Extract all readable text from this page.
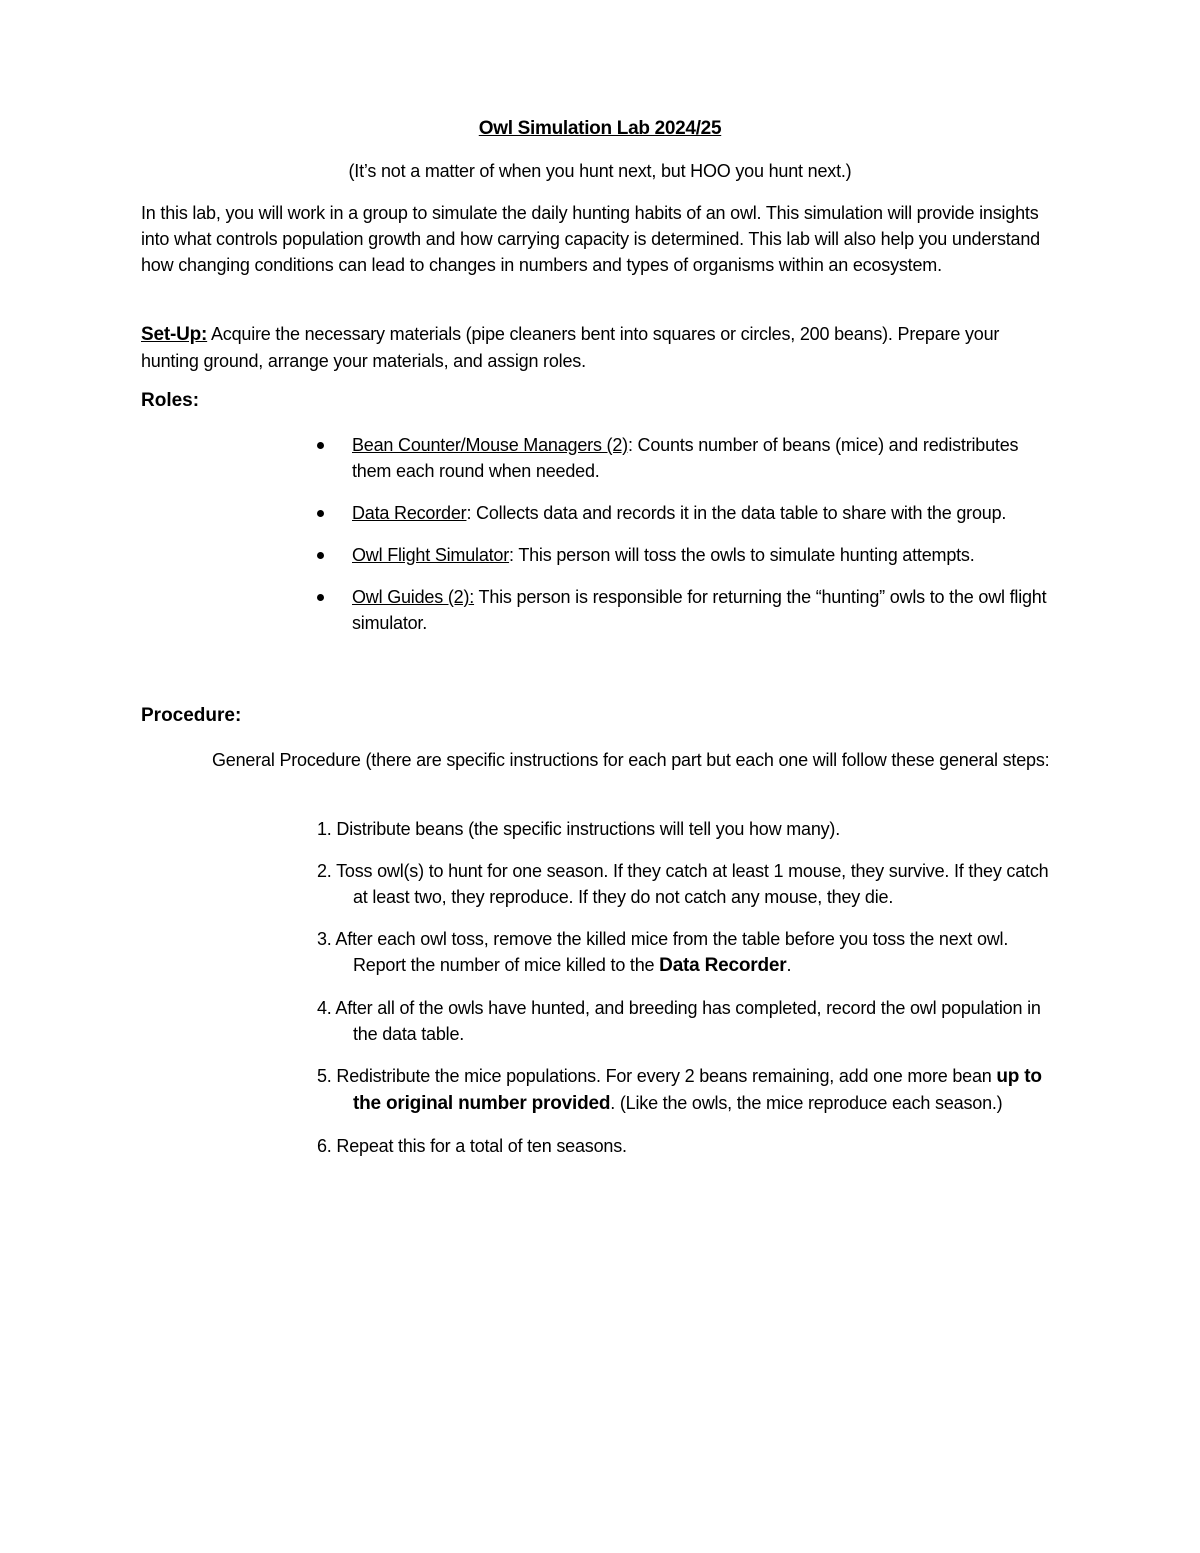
Owl Simulation Lab 2024/25
(It’s not a matter of when you hunt next, but HOO you hunt next.)
In this lab, you will work in a group to simulate the daily hunting habits of an owl. This simulation will provide insights into what controls population growth and how carrying capacity is determined. This lab will also help you understand how changing conditions can lead to changes in numbers and types of organisms within an ecosystem.
Set-Up: Acquire the necessary materials (pipe cleaners bent into squares or circles, 200 beans). Prepare your hunting ground, arrange your materials, and assign roles.
Roles:
Bean Counter/Mouse Managers (2): Counts number of beans (mice) and redistributes them each round when needed.
Data Recorder: Collects data and records it in the data table to share with the group.
Owl Flight Simulator: This person will toss the owls to simulate hunting attempts.
Owl Guides (2): This person is responsible for returning the “hunting” owls to the owl flight simulator.
Procedure:
General Procedure (there are specific instructions for each part but each one will follow these general steps:
1. Distribute beans (the specific instructions will tell you how many).
2. Toss owl(s) to hunt for one season. If they catch at least 1 mouse, they survive. If they catch at least two, they reproduce. If they do not catch any mouse, they die.
3. After each owl toss, remove the killed mice from the table before you toss the next owl. Report the number of mice killed to the Data Recorder.
4. After all of the owls have hunted, and breeding has completed, record the owl population in the data table.
5. Redistribute the mice populations. For every 2 beans remaining, add one more bean up to the original number provided. (Like the owls, the mice reproduce each season.)
6. Repeat this for a total of ten seasons.
